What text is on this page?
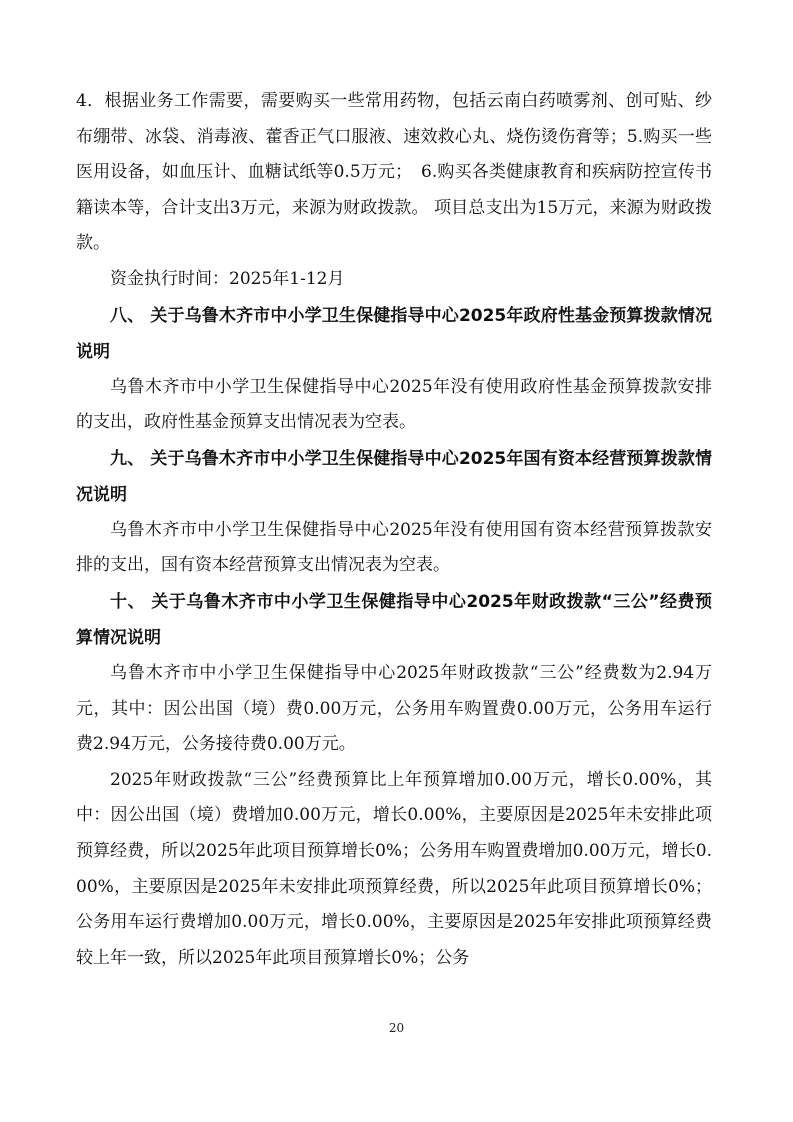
4．根据业务工作需要，需要购买一些常用药物，包括云南白药喷雾剂、创可贴、纱布绷带、冰袋、消毒液、藿香正气口服液、速效救心丸、烧伤烫伤膏等；5.购买一些医用设备，如血压计、血糖试纸等0.5万元；　6.购买各类健康教育和疾病防控宣传书籍读本等，合计支出3万元，来源为财政拨款。 项目总支出为15万元，来源为财政拨款。

资金执行时间：2025年1-12月

八、 关于乌鲁木齐市中小学卫生保健指导中心2025年政府性基金预算拨款情况说明

乌鲁木齐市中小学卫生保健指导中心2025年没有使用政府性基金预算拨款安排的支出，政府性基金预算支出情况表为空表。

九、 关于乌鲁木齐市中小学卫生保健指导中心2025年国有资本经营预算拨款情况说明

乌鲁木齐市中小学卫生保健指导中心2025年没有使用国有资本经营预算拨款安排的支出，国有资本经营预算支出情况表为空表。

十、 关于乌鲁木齐市中小学卫生保健指导中心2025年财政拨款“三公”经费预算情况说明

乌鲁木齐市中小学卫生保健指导中心2025年财政拨款“三公”经费数为2.94万元，其中：因公出国（境）费0.00万元，公务用车购置费0.00万元，公务用车运行费2.94万元，公务接待费0.00万元。

2025年财政拨款“三公”经费预算比上年预算增加0.00万元，增长0.00%，其中：因公出国（境）费增加0.00万元，增长0.00%，主要原因是2025年未安排此项预算经费，所以2025年此项目预算增长0%；公务用车购置费增加0.00万元，增长0.00%，主要原因是2025年未安排此项预算经费，所以2025年此项目预算增长0%；公务用车运行费增加0.00万元，增长0.00%，主要原因是2025年安排此项预算经费较上年一致，所以2025年此项目预算增长0%；公务

20
